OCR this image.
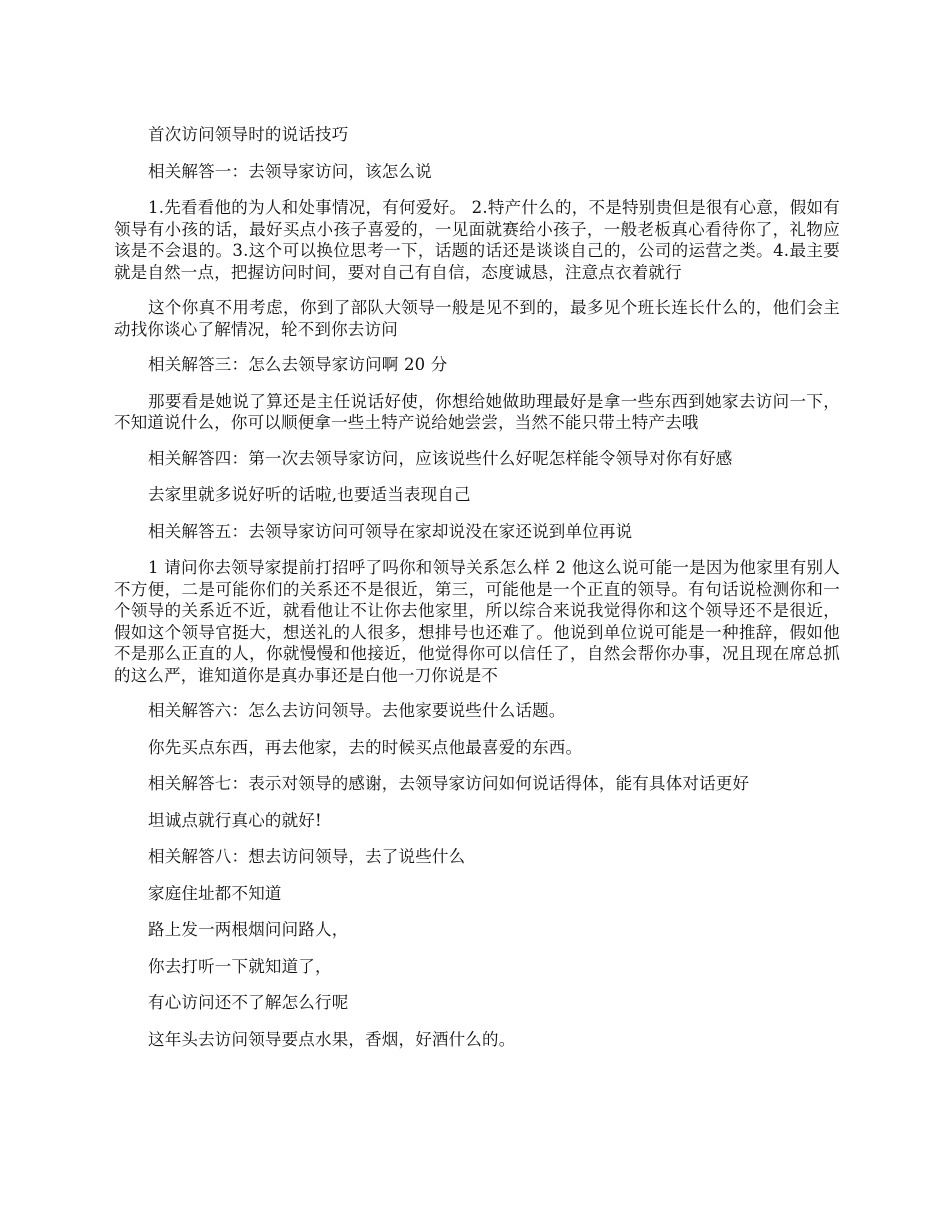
首次访问领导时的说话技巧

相关解答一：去领导家访问，该怎么说

1.先看看他的为人和处事情况，有何爱好。 2.特产什么的，不是特别贵但是很有心意，假如有领导有小孩的话，最好买点小孩子喜爱的，一见面就赛给小孩子，一般老板真心看待你了，礼物应该是不会退的。3.这个可以换位思考一下，话题的话还是谈谈自己的，公司的运营之类。4.最主要就是自然一点，把握访问时间，要对自己有自信，态度诚恳，注意点衣着就行

这个你真不用考虑，你到了部队大领导一般是见不到的，最多见个班长连长什么的，他们会主动找你谈心了解情况，轮不到你去访问

相关解答三：怎么去领导家访问啊 20 分

那要看是她说了算还是主任说话好使，你想给她做助理最好是拿一些东西到她家去访问一下，不知道说什么，你可以顺便拿一些土特产说给她尝尝，当然不能只带土特产去哦

相关解答四：第一次去领导家访问，应该说些什么好呢怎样能令领导对你有好感

去家里就多说好听的话啦,也要适当表现自己

相关解答五：去领导家访问可领导在家却说没在家还说到单位再说

1 请问你去领导家提前打招呼了吗你和领导关系怎么样 2 他这么说可能一是因为他家里有别人不方便，二是可能你们的关系还不是很近，第三，可能他是一个正直的领导。有句话说检测你和一个领导的关系近不近，就看他让不让你去他家里，所以综合来说我觉得你和这个领导还不是很近，假如这个领导官挺大，想送礼的人很多，想排号也还难了。他说到单位说可能是一种推辞，假如他不是那么正直的人，你就慢慢和他接近，他觉得你可以信任了，自然会帮你办事，况且现在席总抓的这么严，谁知道你是真办事还是白他一刀你说是不

相关解答六：怎么去访问领导。去他家要说些什么话题。

你先买点东西，再去他家，去的时候买点他最喜爱的东西。

相关解答七：表示对领导的感谢，去领导家访问如何说话得体，能有具体对话更好

坦诚点就行真心的就好!

相关解答八：想去访问领导，去了说些什么

家庭住址都不知道

路上发一两根烟问问路人，

你去打听一下就知道了，

有心访问还不了解怎么行呢

这年头去访问领导要点水果，香烟，好酒什么的。
